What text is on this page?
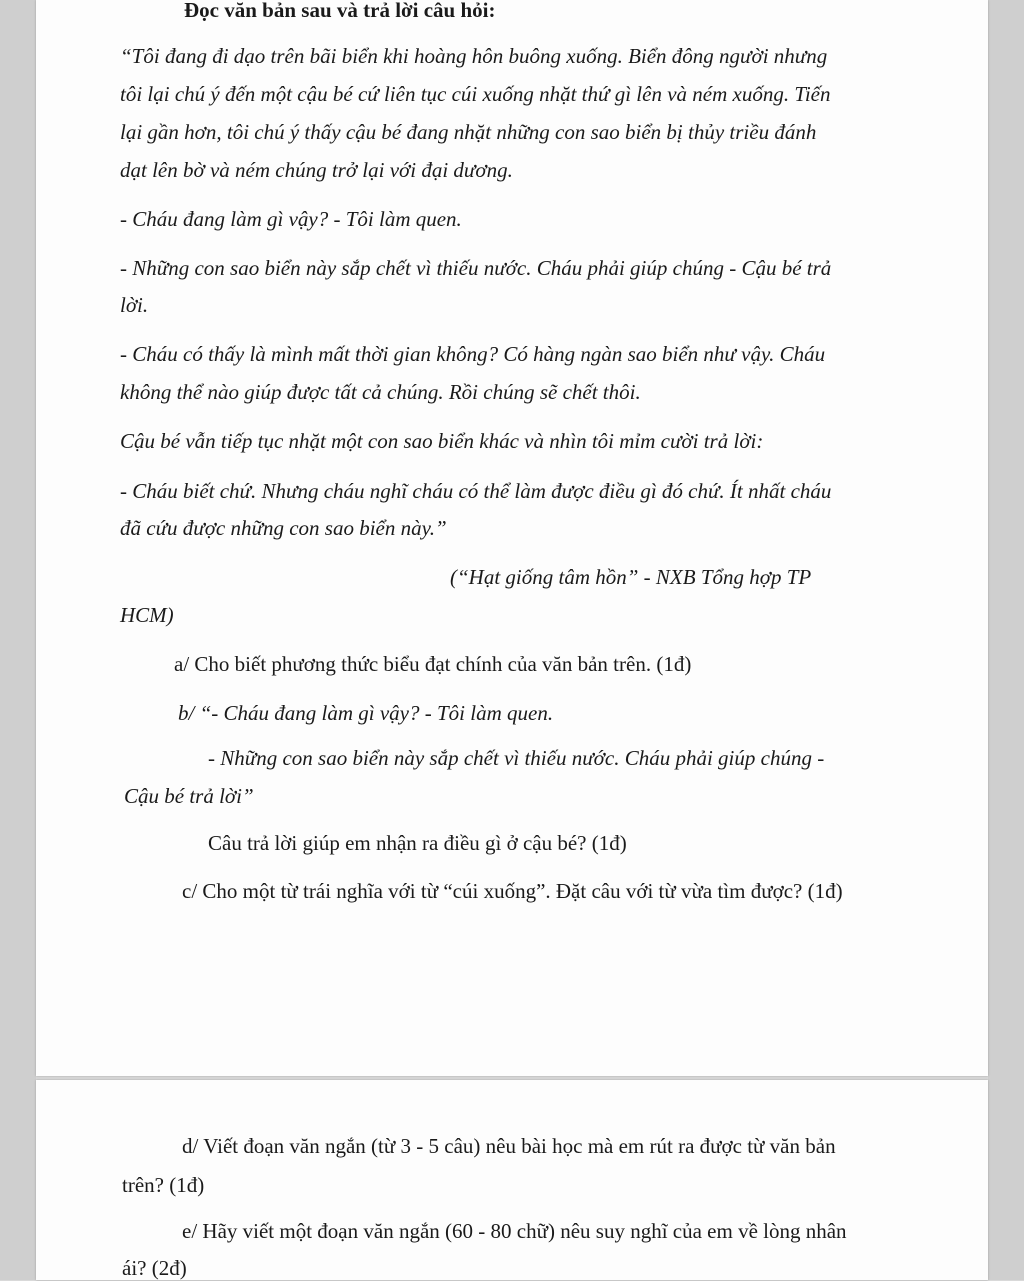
Đọc văn bản sau và trả lời câu hỏi:
“Tôi đang đi dạo trên bãi biển khi hoàng hôn buông xuống. Biển đông người nhưng
tôi lại chú ý đến một cậu bé cứ liên tục cúi xuống nhặt thứ gì lên và ném xuống. Tiến
lại gần hơn, tôi chú ý thấy cậu bé đang nhặt những con sao biển bị thủy triều đánh
dạt lên bờ và ném chúng trở lại với đại dương.
- Cháu đang làm gì vậy? - Tôi làm quen.
- Những con sao biển này sắp chết vì thiếu nước. Cháu phải giúp chúng - Cậu bé trả
lời.
- Cháu có thấy là mình mất thời gian không? Có hàng ngàn sao biển như vậy. Cháu
không thể nào giúp được tất cả chúng. Rồi chúng sẽ chết thôi.
Cậu bé vẫn tiếp tục nhặt một con sao biển khác và nhìn tôi mỉm cười trả lời:
- Cháu biết chứ. Nhưng cháu nghĩ cháu có thể làm được điều gì đó chứ. Ít nhất cháu
đã cứu được những con sao biển này.”
(“Hạt giống tâm hồn” - NXB Tổng hợp TP
HCM)
a/ Cho biết phương thức biểu đạt chính của văn bản trên. (1đ)
b/ “- Cháu đang làm gì vậy? - Tôi làm quen.
- Những con sao biển này sắp chết vì thiếu nước. Cháu phải giúp chúng -
Cậu bé trả lời”
Câu trả lời giúp em nhận ra điều gì ở cậu bé? (1đ)
c/ Cho một từ trái nghĩa với từ “cúi xuống”. Đặt câu với từ vừa tìm được? (1đ)
d/ Viết đoạn văn ngắn (từ 3 - 5 câu) nêu bài học mà em rút ra được từ văn bản
trên? (1đ)
e/ Hãy viết một đoạn văn ngắn (60 - 80 chữ) nêu suy nghĩ của em về lòng nhân
ái? (2đ)
